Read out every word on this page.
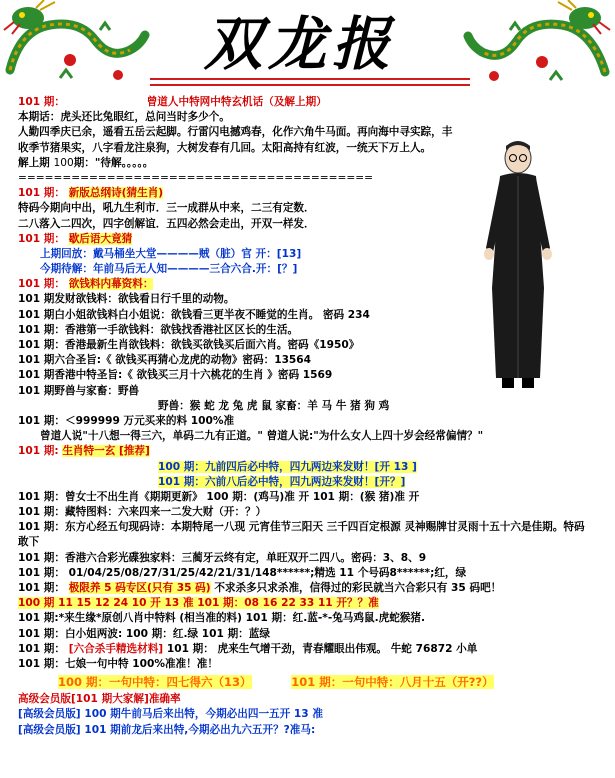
双龙报
101 期：	曾道人中特网中特玄机话（及解上期）
本期话：虎头还比兔眼红，总问当时多少个。
人勤四季庆已余，遥看五岳云起脚。行雷闪电撼鸡春，化作六角牛马面。再向海中寻实踪，丰收季节猪果实，八字看龙注泉狗，大树发春有几回。太阳高持有红波，一统天下万上人。
解上期 100期："待解。。。。。
========================================
101 期： 新版总纲诗(猜生肖)
特码今期向中出，吼九生利市．三一成群从中来，二三有定数．
二八落入二四次，四字创解谊．五四必然会走出，开双一样发．
101 期： 歇后语大竟猜
上期回放：戴马桶坐大堂————贼（脏）官 开：[13]
今期待解：年前马后无人知————三合六合.开：[？]
101 期： 欲钱料内幕资料：
101 期发财欲钱料：欲钱看日行千里的动物。
101 期白小姐欲钱料白小姐说：欲钱看三更半夜不睡觉的生肖。 密码 234
101 期：香港第一手欲钱料：欲钱找香港社区区长的生活。
101 期：香港最新生肖欲钱料：欲钱买欲钱买后面六肖。密码《1950》
101 期六合圣旨:《 欲钱买再猜心龙虎的动物》密码：13564
101 期香港中特圣旨:《 欲钱买三月十六桃花的生肖 》密码 1569
101 期野兽与家畜：野兽
野兽：猴 蛇 龙 兔 虎 鼠 家畜：羊 马 牛 猪 狗 鸡
101 期：＜999999 万元买来的料 100%准
曾道人说"十八想一得三六，单码二九有正道。" 曾道人说:"为什么女人上四十岁会经常偏情？"
101 期: 生肖特一玄 [推荐]
100 期：九前四后必中特，四九两边来发财！[开 13 ]
101 期：六前八后必中特，四九两边来发财！[开？]
101 期：曾女士不出生肖《期期更新》 100 期：(鸡马)准 开 101 期：(猴 猪)准 开
101 期：藏特图料：六来四来一二发大财（开：？）
101 期：东方心经五句现码诗：本期特尾一八现 元宵佳节三阳天 三千四百定根源 灵神赐牌甘灵雨十五十六是佳期。特码敢下
101 期：香港六合彩光碟独家料：三蔺牙云终有定，单旺双开二四八。密码：3、8、9
101 期： 01/04/25/08/27/31/25/42/21/31/148******;精选 11 个号码8******;红，绿
101 期： 极限养 5 码专区(只有 35 码) 不求杀多只求杀准，信得过的彩民就当六合彩只有 35 码吧！
100 期 11 15 12 24 10 开 13 准 101 期：08 16 22 33 11 开？？准
101 期:*来生缘*原创八肖中特料 (相当准的料) 101 期：红.蓝-*-兔马鸡鼠.虎蛇猴猪.
101 期：白小姐两波: 100 期：红.绿 101 期：蓝绿
101 期： [六合杀手精选材料] 101 期： 虎来生气增干劲，青春耀眼出伟观。 牛蛇 76872 小单
101 期：七娘一句中特 100%准准！准！
100 期：一句中特：四七得六（13）	101 期：一句中特：八月十五（开??）
高级会员版[101 期大家解]准确率
[高级会员版] 100 期牛前马后来出特，今期必出四一五开 13 准
[高级会员版] 101 期前龙后来出特,今期必出九六五开？?准马:
